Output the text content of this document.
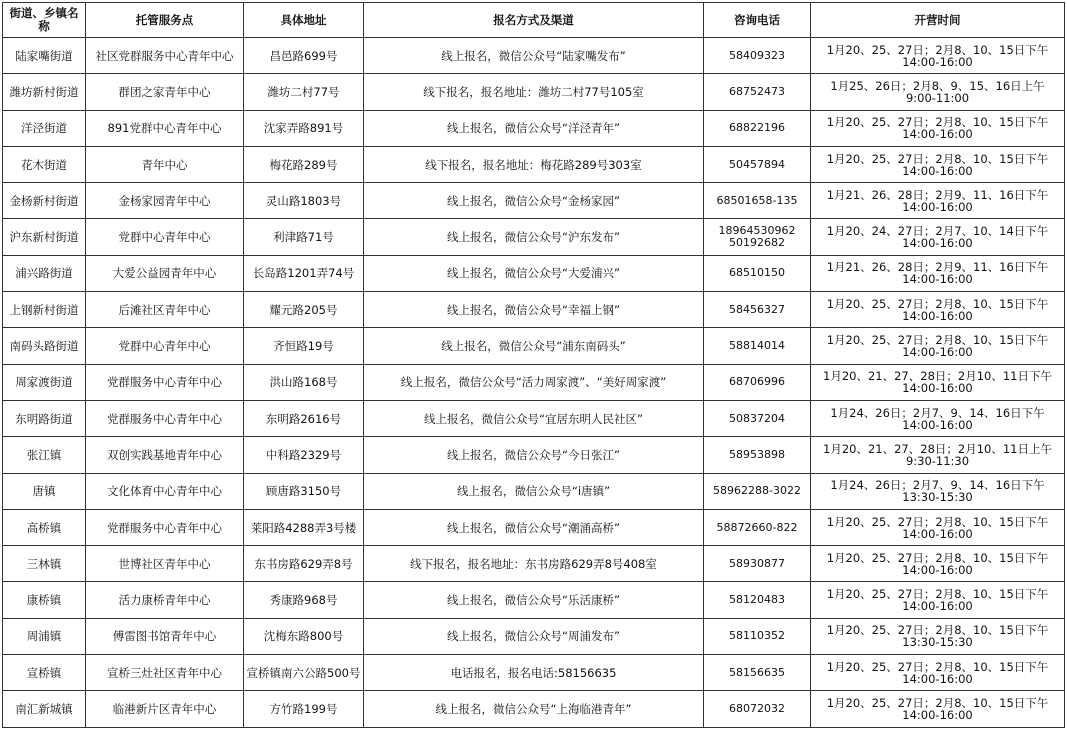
街道、乡镇名称	托管服务点	具体地址	报名方式及渠道	咨询电话	开营时间
陆家嘴街道	社区党群服务中心青年中心	昌邑路699号	线上报名，微信公众号“陆家嘴发布”	58409323	1月20、25、27日；2月8、10、15日下午 14:00-16:00
潍坊新村街道	群团之家青年中心	潍坊二村77号	线下报名，报名地址：潍坊二村77号105室	68752473	1月25、26日；2月8、9、15、16日上午 9:00-11:00
洋泾街道	891党群中心青年中心	沈家弄路891号	线上报名，微信公众号“洋泾青年”	68822196	1月20、25、27日；2月8、10、15日下午 14:00-16:00
花木街道	青年中心	梅花路289号	线下报名，报名地址：梅花路289号303室	50457894	1月20、25、27日；2月8、10、15日下午 14:00-16:00
金杨新村街道	金杨家园青年中心	灵山路1803号	线上报名，微信公众号“金杨家园”	68501658-135	1月21、26、28日；2月9、11、16日下午 14:00-16:00
沪东新村街道	党群中心青年中心	利津路71号	线上报名，微信公众号“沪东发布”	18964530962 50192682	1月20、24、27日；2月7、10、14日下午 14:00-16:00
浦兴路街道	大爱公益园青年中心	长岛路1201弄74号	线上报名，微信公众号“大爱浦兴”	68510150	1月21、26、28日；2月9、11、16日下午 14:00-16:00
上钢新村街道	后滩社区青年中心	耀元路205号	线上报名，微信公众号“幸福上钢”	58456327	1月20、25、27日；2月8、10、15日下午 14:00-16:00
南码头路街道	党群中心青年中心	齐恒路19号	线上报名，微信公众号“浦东南码头”	58814014	1月20、25、27日；2月8、10、15日下午 14:00-16:00
周家渡街道	党群服务中心青年中心	洪山路168号	线上报名，微信公众号“活力周家渡”、“美好周家渡”	68706996	1月20、21、27、28日；2月10、11日下午 14:00-16:00
东明路街道	党群服务中心青年中心	东明路2616号	线上报名，微信公众号“宜居东明人民社区”	50837204	1月24、26日；2月7、9、14、16日下午 14:00-16:00
张江镇	双创实践基地青年中心	中科路2329号	线上报名，微信公众号“今日张江”	58953898	1月20、21、27、28日；2月10、11日上午 9:30-11:30
唐镇	文化体育中心青年中心	顾唐路3150号	线上报名，微信公众号“i唐镇”	58962288-3022	1月24、26日；2月7、9、14、16日下午 13:30-15:30
高桥镇	党群服务中心青年中心	莱阳路4288弄3号楼	线上报名，微信公众号“潮涌高桥”	58872660-822	1月20、25、27日；2月8、10、15日下午 14:00-16:00
三林镇	世博社区青年中心	东书房路629弄8号	线下报名，报名地址：东书房路629弄8号408室	58930877	1月20、25、27日；2月8、10、15日下午 14:00-16:00
康桥镇	活力康桥青年中心	秀康路968号	线上报名，微信公众号“乐活康桥”	58120483	1月20、25、27日；2月8、10、15日下午 14:00-16:00
周浦镇	傅雷图书馆青年中心	沈梅东路800号	线上报名，微信公众号“周浦发布”	58110352	1月20、25、27日；2月8、10、15日下午 13:30-15:30
宣桥镇	宣桥三灶社区青年中心	宣桥镇南六公路500号	电话报名，报名电话:58156635	58156635	1月20、25、27日；2月8、10、15日下午 14:00-16:00
南汇新城镇	临港新片区青年中心	方竹路199号	线上报名，微信公众号“上海临港青年”	68072032	1月20、25、27日；2月8、10、15日下午 14:00-16:00
